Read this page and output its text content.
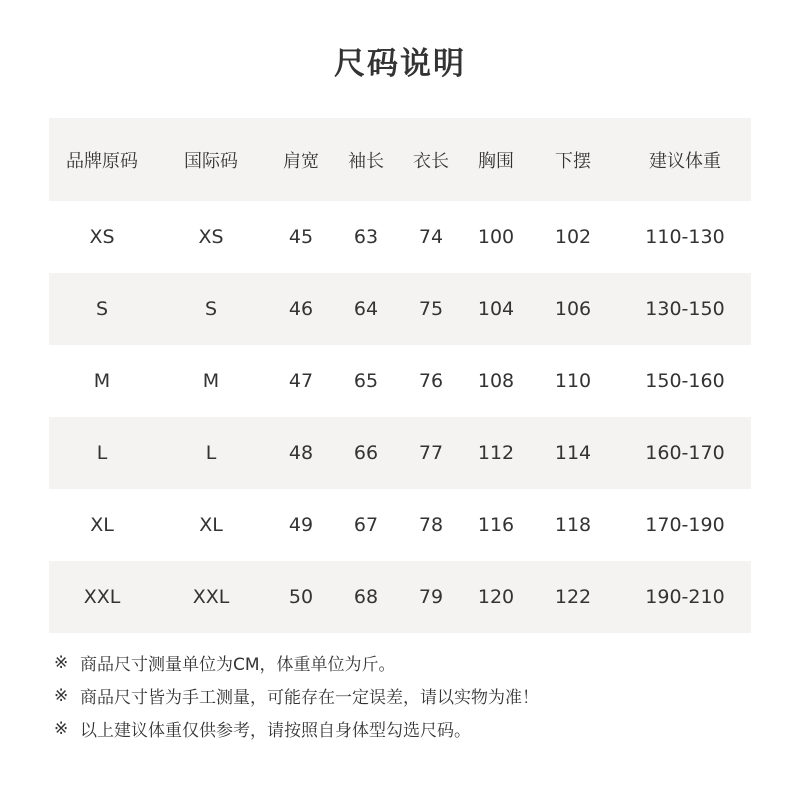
尺码说明
品牌原码	国际码	肩宽	袖长	衣长	胸围	下摆	建议体重
XS	XS	45	63	74	100	102	110-130
S	S	46	64	75	104	106	130-150
M	M	47	65	76	108	110	150-160
L	L	48	66	77	112	114	160-170
XL	XL	49	67	78	116	118	170-190
XXL	XXL	50	68	79	120	122	190-210
※ 商品尺寸测量单位为CM，体重单位为斤。
※ 商品尺寸皆为手工测量，可能存在一定误差，请以实物为准！
※ 以上建议体重仅供参考，请按照自身体型勾选尺码。
